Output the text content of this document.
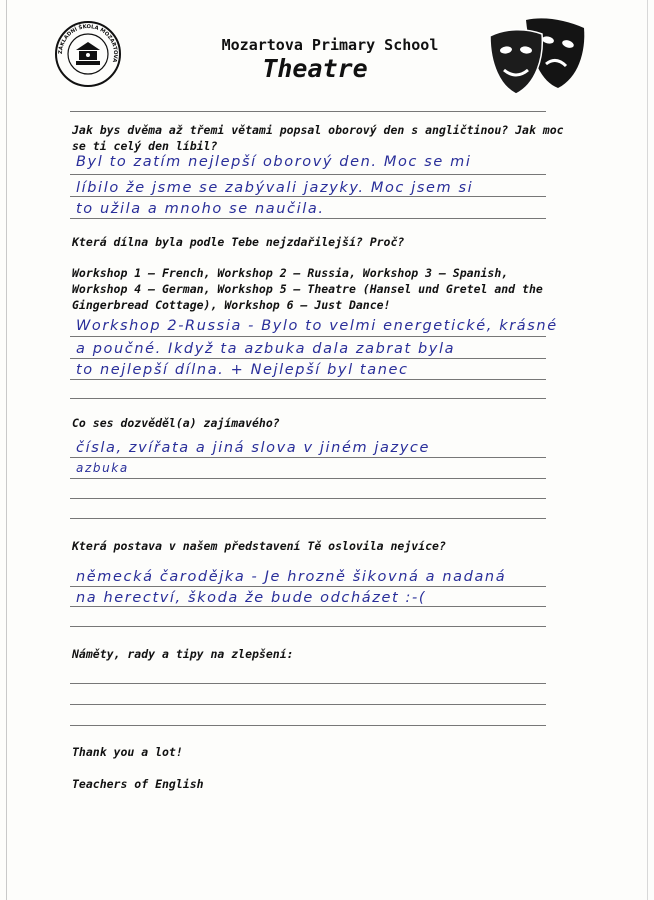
ZÁKLADNÍ ŠKOLA MOZARTOVA
Mozartova Primary School
Theatre
Jak bys dvěma až třemi větami popsal oborový den s angličtinou? Jak moc se ti celý den líbil?
Byl to zatím nejlepší oborový den. Moc se mi
líbilo že jsme se zabývali jazyky. Moc jsem si
to užila a mnoho se naučila.
Která dílna byla podle Tebe nejzdařilejší? Proč?
Workshop 1 – French, Workshop 2 – Russia, Workshop 3 – Spanish, Workshop 4 – German, Workshop 5 – Theatre (Hansel und Gretel and the Gingerbread Cottage), Workshop 6 – Just Dance!
Workshop 2-Russia - Bylo to velmi energetické, krásné
a poučné. Ikdyž ta azbuka dala zabrat byla
to nejlepší dílna. + Nejlepší byl tanec
Co ses dozvěděl(a) zajímavého?
čísla, zvířata a jiná slova v jiném jazyce
azbuka
Která postava v našem představení Tě oslovila nejvíce?
německá čarodějka - Je hrozně šikovná a nadaná
na herectví, škoda že bude odcházet :-(
Náměty, rady a tipy na zlepšení:
Thank you a lot!
Teachers of English
